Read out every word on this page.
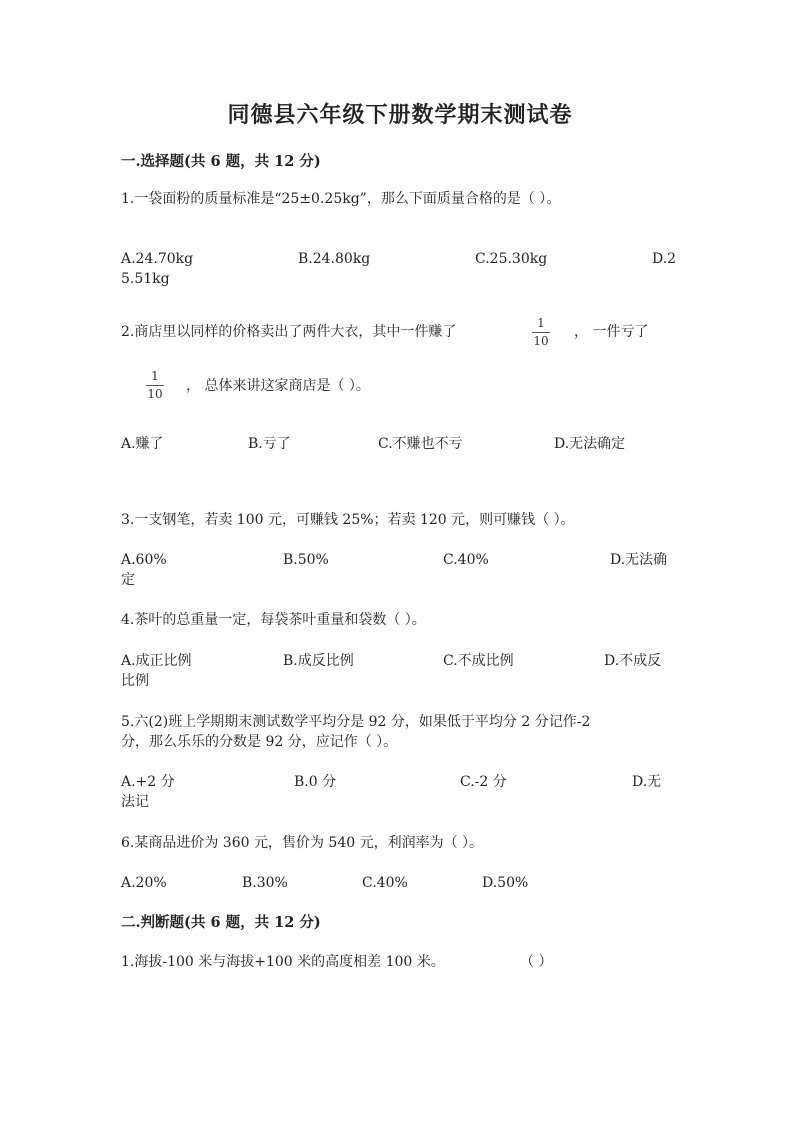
同德县六年级下册数学期末测试卷
一.选择题(共 6 题，共 12 分)
1.一袋面粉的质量标准是“25±0.25kg”，那么下面质量合格的是（ ）。
A.24.70kg	B.24.80kg	C.25.30kg	D.2
5.51kg
2.商店里以同样的价格卖出了两件大衣，其中一件赚了
1
10
， 一件亏了
1
10 ， 总体来讲这家商店是（ ）。
A.赚了	B.亏了	C.不赚也不亏	D.无法确定
3.一支钢笔，若卖 100 元，可赚钱 25%；若卖 120 元，则可赚钱（ ）。
A.60%	B.50%	C.40%	D.无法确
定
4.茶叶的总重量一定，每袋茶叶重量和袋数（ ）。
A.成正比例	B.成反比例	C.不成比例	D.不成反
比例
5.六(2)班上学期期末测试数学平均分是 92 分，如果低于平均分 2 分记作-2
分，那么乐乐的分数是 92 分，应记作（ ）。
A.+2 分	B.0 分	C.-2 分	D.无
法记
6.某商品进价为 360 元，售价为 540 元，利润率为（ ）。
A.20%	B.30%	C.40%	D.50%
二.判断题(共 6 题，共 12 分)
1.海拔-100 米与海拔+100 米的高度相差 100 米。	（ ）
